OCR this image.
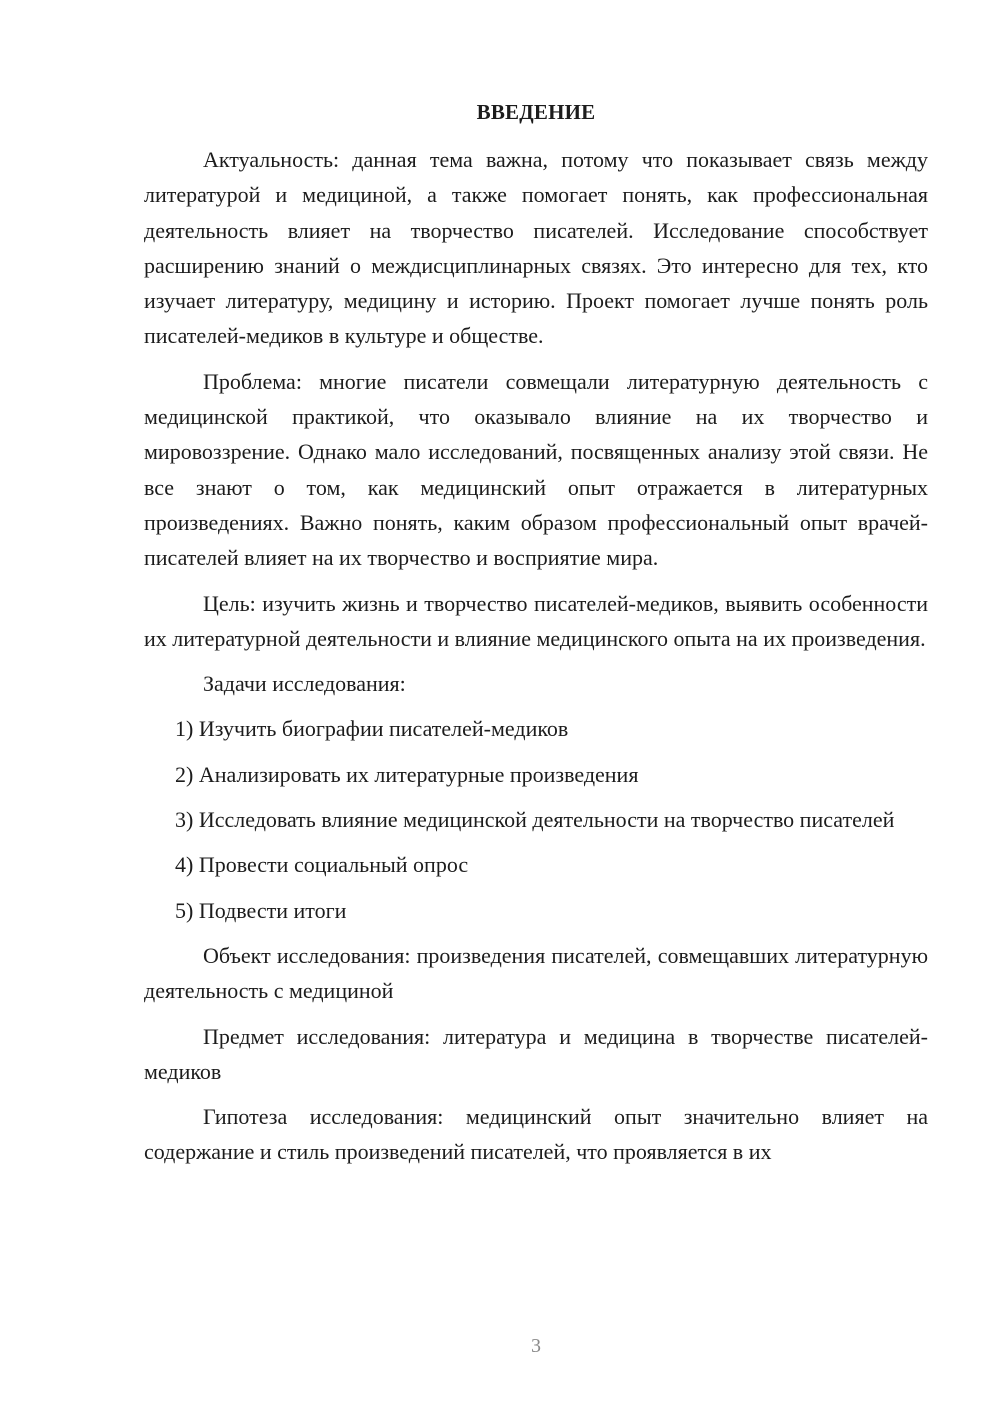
ВВЕДЕНИЕ

Актуальность: данная тема важна, потому что показывает связь между литературой и медициной, а также помогает понять, как профессиональная деятельность влияет на творчество писателей. Исследование способствует расширению знаний о междисциплинарных связях. Это интересно для тех, кто изучает литературу, медицину и историю. Проект помогает лучше понять роль писателей-медиков в культуре и обществе.

Проблема: многие писатели совмещали литературную деятельность с медицинской практикой, что оказывало влияние на их творчество и мировоззрение. Однако мало исследований, посвященных анализу этой связи. Не все знают о том, как медицинский опыт отражается в литературных произведениях. Важно понять, каким образом профессиональный опыт врачей-писателей влияет на их творчество и восприятие мира.

Цель: изучить жизнь и творчество писателей-медиков, выявить особенности их литературной деятельности и влияние медицинского опыта на их произведения.

Задачи исследования:

1) Изучить биографии писателей-медиков

2) Анализировать их литературные произведения

3) Исследовать влияние медицинской деятельности на творчество писателей

4) Провести социальный опрос

5) Подвести итоги

Объект исследования: произведения писателей, совмещавших литературную деятельность с медициной

Предмет исследования: литература и медицина в творчестве писателей-медиков

Гипотеза исследования: медицинский опыт значительно влияет на содержание и стиль произведений писателей, что проявляется в их

3
